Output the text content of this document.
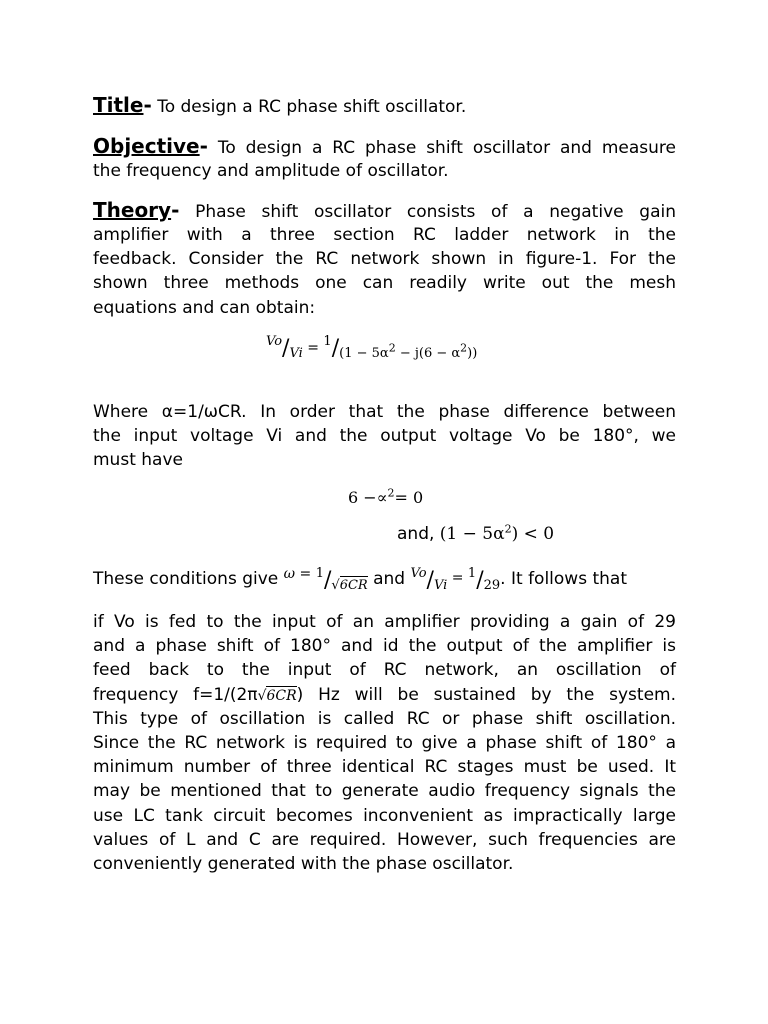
Title- To design a RC phase shift oscillator.
Objective- To design a RC phase shift oscillator and measure
the frequency and amplitude of oscillator.
Theory- Phase shift oscillator consists of a negative gain
amplifier with a three section RC ladder network in the
feedback. Consider the RC network shown in figure-1. For the
shown three methods one can readily write out the mesh
equations and can obtain:
$Vo/Vi = 1/(1 - 5\alpha^2 - j(6 - \alpha^2))$
Where α=1/ωCR. In order that the phase difference between
the input voltage Vi and the output voltage Vo be 180°, we
must have
6 −∝$^2$= 0
and, $(1 - 5\alpha^2) < 0$
These conditions give ω = 1/√6CR and Vo/Vi = 1/29. It follows that
if Vo is fed to the input of an amplifier providing a gain of 29
and a phase shift of 180° and id the output of the amplifier is
feed back to the input of RC network, an oscillation of
frequency f=1/(2π√6CR) Hz will be sustained by the system.
This type of oscillation is called RC or phase shift oscillation.
Since the RC network is required to give a phase shift of 180° a
minimum number of three identical RC stages must be used. It
may be mentioned that to generate audio frequency signals the
use LC tank circuit becomes inconvenient as impractically large
values of L and C are required. However, such frequencies are
conveniently generated with the phase oscillator.
